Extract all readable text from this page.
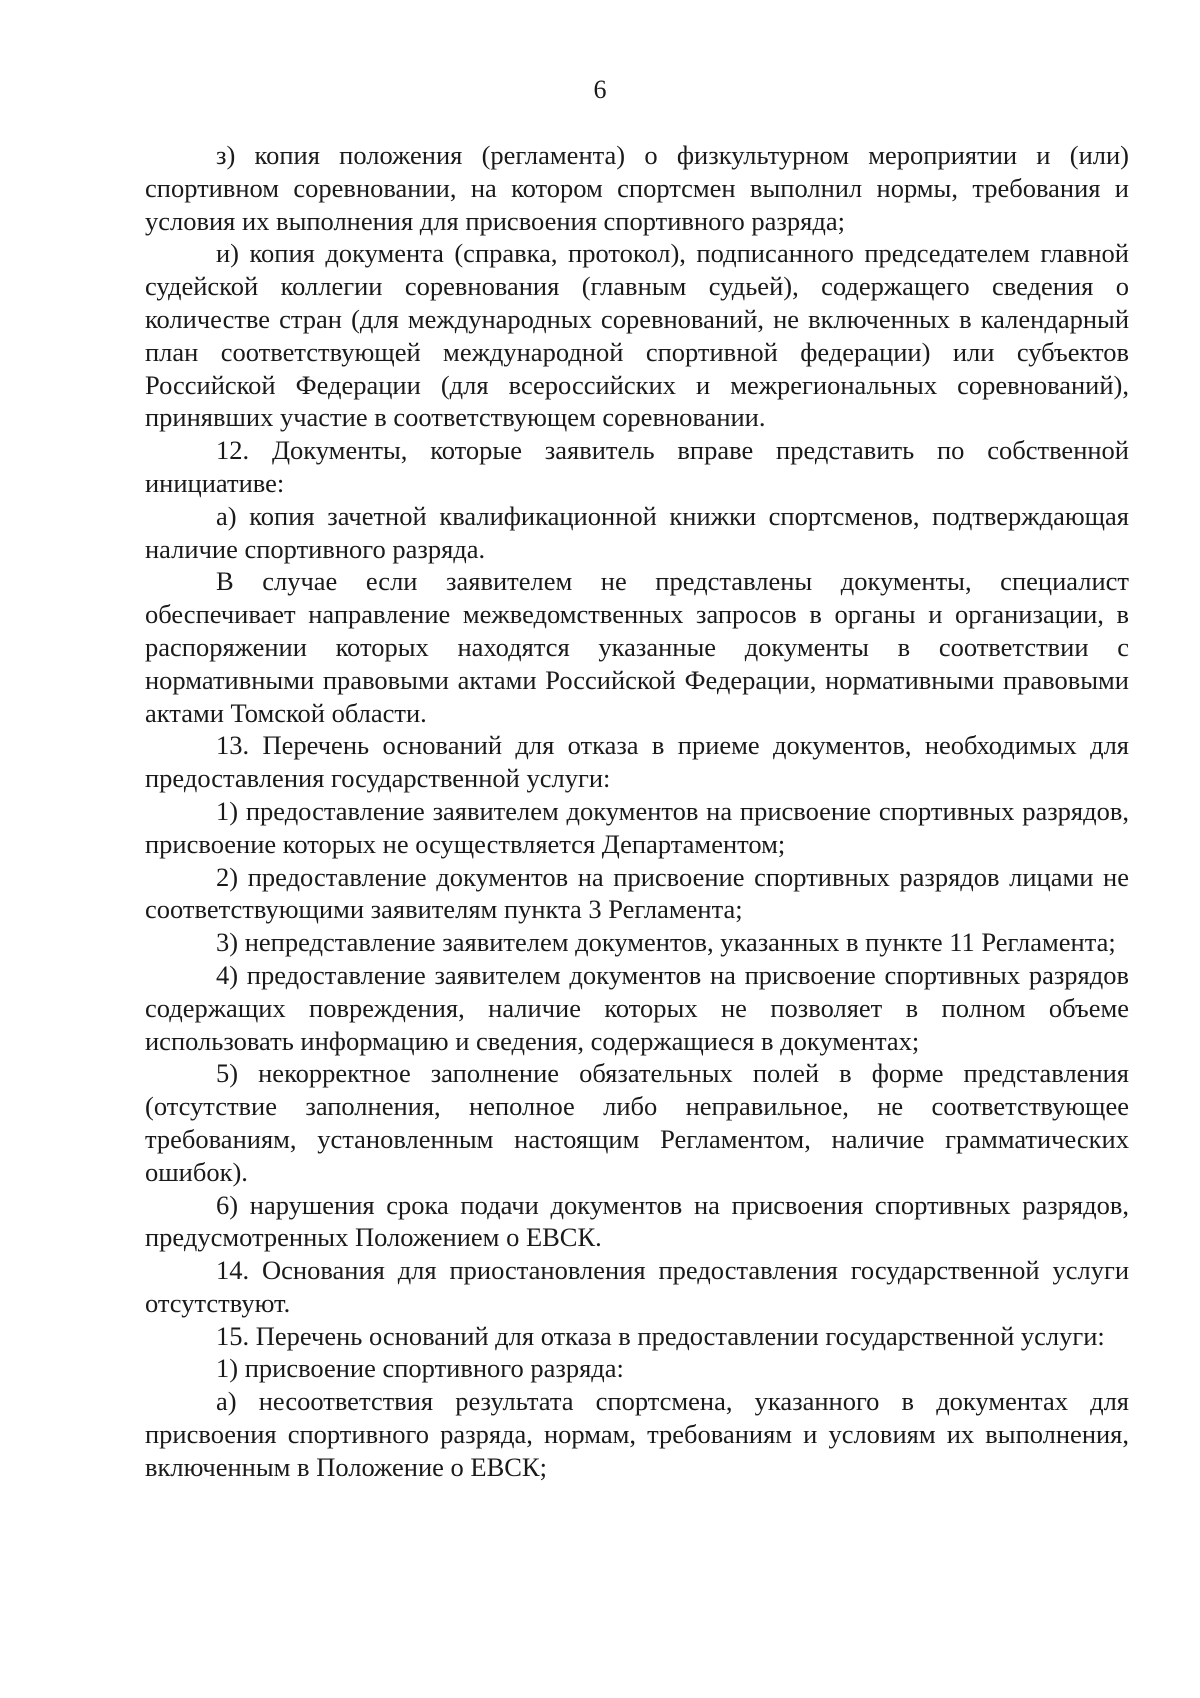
6

з) копия положения (регламента) о физкультурном мероприятии и (или) спортивном соревновании, на котором спортсмен выполнил нормы, требования и условия их выполнения для присвоения спортивного разряда;

и) копия документа (справка, протокол), подписанного председателем главной судейской коллегии соревнования (главным судьей), содержащего сведения о количестве стран (для международных соревнований, не включенных в календарный план соответствующей международной спортивной федерации) или субъектов Российской Федерации (для всероссийских и межрегиональных соревнований), принявших участие в соответствующем соревновании.

12. Документы, которые заявитель вправе представить по собственной инициативе:

а) копия зачетной квалификационной книжки спортсменов, подтверждающая наличие спортивного разряда.

В случае если заявителем не представлены документы, специалист обеспечивает направление межведомственных запросов в органы и организации, в распоряжении которых находятся указанные документы в соответствии с нормативными правовыми актами Российской Федерации, нормативными правовыми актами Томской области.

13. Перечень оснований для отказа в приеме документов, необходимых для предоставления государственной услуги:

1) предоставление заявителем документов на присвоение спортивных разрядов, присвоение которых не осуществляется Департаментом;

2) предоставление документов на присвоение спортивных разрядов лицами не соответствующими заявителям пункта 3 Регламента;

3) непредставление заявителем документов, указанных в пункте 11 Регламента;

4) предоставление заявителем документов на присвоение спортивных разрядов содержащих повреждения, наличие которых не позволяет в полном объеме использовать информацию и сведения, содержащиеся в документах;

5) некорректное заполнение обязательных полей в форме представления (отсутствие заполнения, неполное либо неправильное, не соответствующее требованиям, установленным настоящим Регламентом, наличие грамматических ошибок).

6) нарушения срока подачи документов на присвоения спортивных разрядов, предусмотренных Положением о ЕВСК.

14. Основания для приостановления предоставления государственной услуги отсутствуют.

15. Перечень оснований для отказа в предоставлении государственной услуги:

1) присвоение спортивного разряда:

а) несоответствия результата спортсмена, указанного в документах для присвоения спортивного разряда, нормам, требованиям и условиям их выполнения, включенным в Положение о ЕВСК;
